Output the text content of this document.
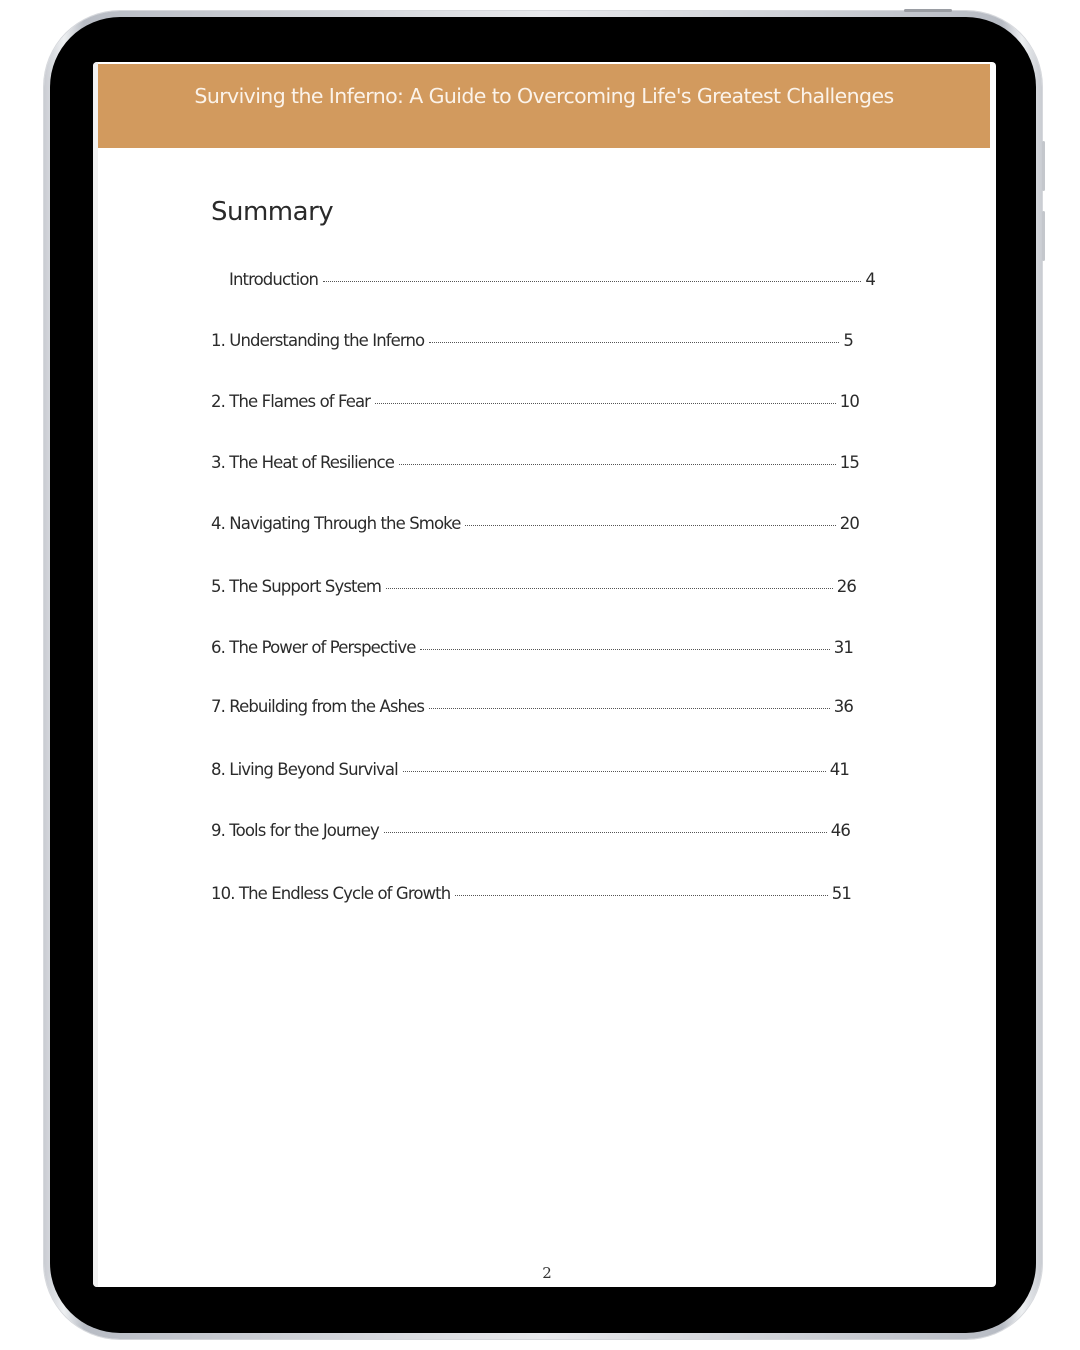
Surviving the Inferno: A Guide to Overcoming Life's Greatest Challenges
Summary
Introduction	4
1. Understanding the Inferno	5
2. The Flames of Fear	10
3. The Heat of Resilience	15
4. Navigating Through the Smoke	20
5. The Support System	26
6. The Power of Perspective	31
7. Rebuilding from the Ashes	36
8. Living Beyond Survival	41
9. Tools for the Journey	46
10. The Endless Cycle of Growth	51
2
